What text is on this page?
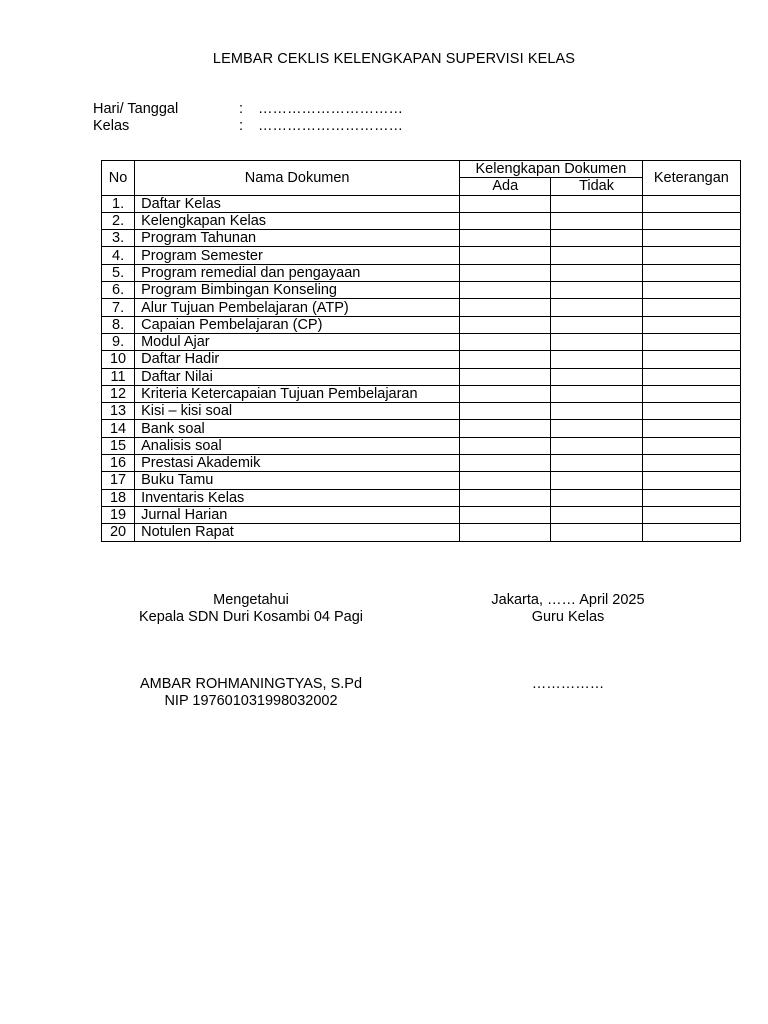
LEMBAR CEKLIS KELENGKAPAN SUPERVISI KELAS
Hari/ Tanggal	: …………………………
Kelas	: …………………………
No	Nama Dokumen	Kelengkapan Dokumen		Keterangan
		Ada	Tidak	
1.	Daftar Kelas			
2.	Kelengkapan Kelas			
3.	Program Tahunan			
4.	Program Semester			
5.	Program remedial dan pengayaan			
6.	Program Bimbingan Konseling			
7.	Alur Tujuan Pembelajaran (ATP)			
8.	Capaian Pembelajaran (CP)			
9.	Modul Ajar			
10	Daftar Hadir			
11	Daftar Nilai			
12	Kriteria Ketercapaian Tujuan Pembelajaran			
13	Kisi – kisi soal			
14	Bank soal			
15	Analisis soal			
16	Prestasi Akademik			
17	Buku Tamu			
18	Inventaris Kelas			
19	Jurnal Harian			
20	Notulen Rapat			
Mengetahui
Kepala SDN Duri Kosambi 04 Pagi
AMBAR ROHMANINGTYAS, S.Pd
NIP 197601031998032002
Jakarta, …… April 2025
Guru Kelas
……………
